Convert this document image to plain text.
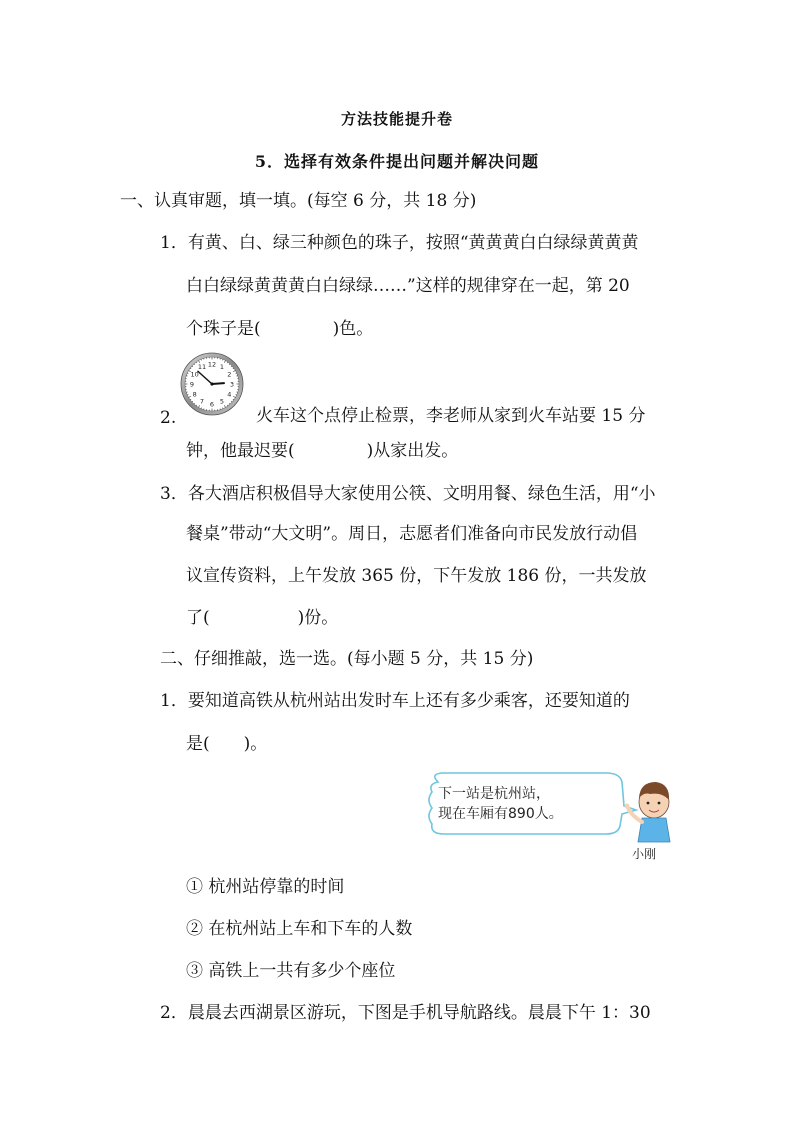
方法技能提升卷
5．选择有效条件提出问题并解决问题
一、认真审题，填一填。(每空 6 分，共 18 分)
1．有黄、白、绿三种颜色的珠子，按照“黄黄黄白白绿绿黄黄黄
白白绿绿黄黄黄白白绿绿……”这样的规律穿在一起，第 20
个珠子是(	)色。
12 1
2
3
4
5
6
7
8
9
10
11
2.	火车这个点停止检票，李老师从家到火车站要 15 分
钟，他最迟要(	)从家出发。
3．各大酒店积极倡导大家使用公筷、文明用餐、绿色生活，用“小
餐桌”带动“大文明”。周日，志愿者们准备向市民发放行动倡
议宣传资料，上午发放 365 份，下午发放 186 份，一共发放
了(	)份。
二、仔细推敲，选一选。(每小题 5 分，共 15 分)
1．要知道高铁从杭州站出发时车上还有多少乘客，还要知道的
是( )。
下一站是杭州站，
现在车厢有890人。
小刚
① 杭州站停靠的时间
② 在杭州站上车和下车的人数
③ 高铁上一共有多少个座位
2．晨晨去西湖景区游玩，下图是手机导航路线。晨晨下午 1：30
